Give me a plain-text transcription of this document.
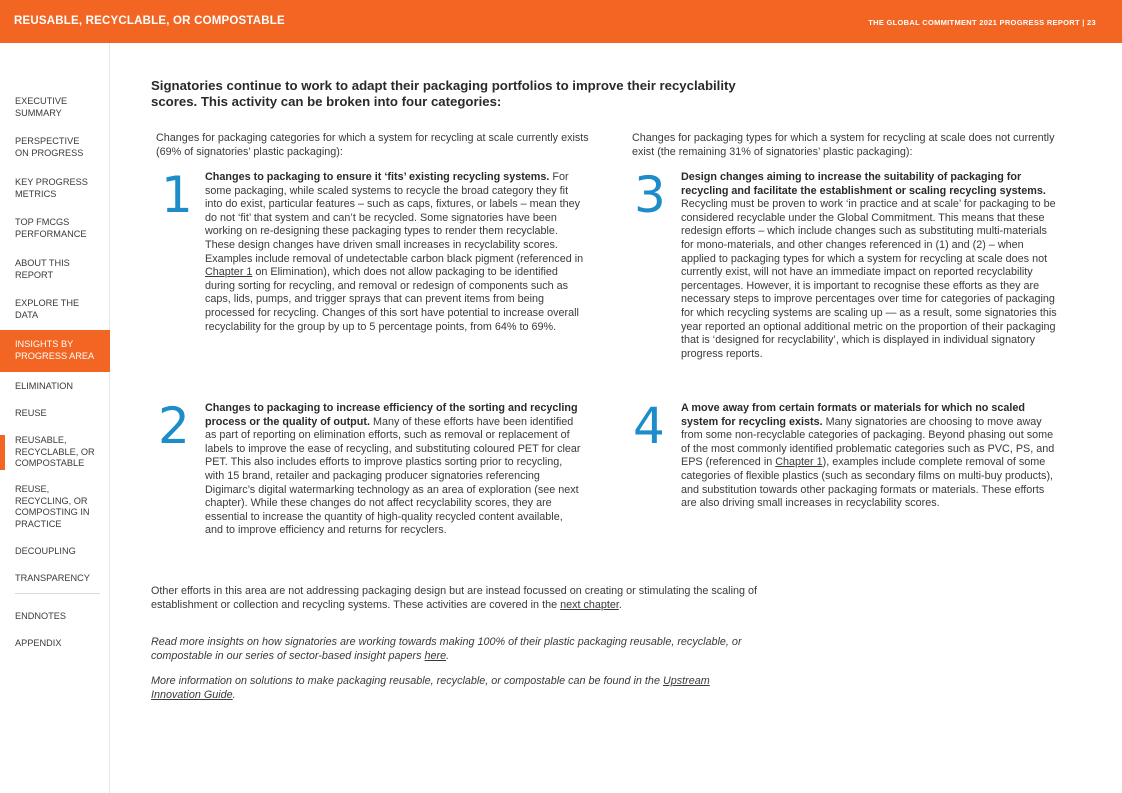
REUSABLE, RECYCLABLE, OR COMPOSTABLE	THE GLOBAL COMMITMENT 2021 PROGRESS REPORT | 23
EXECUTIVE SUMMARY
PERSPECTIVE ON PROGRESS
KEY PROGRESS METRICS
TOP FMCGS PERFORMANCE
ABOUT THIS REPORT
EXPLORE THE DATA
INSIGHTS BY PROGRESS AREA
ELIMINATION
REUSE
REUSABLE, RECYCLABLE, OR COMPOSTABLE
REUSE, RECYCLING, OR COMPOSTING IN PRACTICE
DECOUPLING
TRANSPARENCY
ENDNOTES
APPENDIX
Signatories continue to work to adapt their packaging portfolios to improve their recyclability scores. This activity can be broken into four categories:
Changes for packaging categories for which a system for recycling at scale currently exists (69% of signatories’ plastic packaging):
Changes for packaging types for which a system for recycling at scale does not currently exist (the remaining 31% of signatories’ plastic packaging):
1 Changes to packaging to ensure it ‘fits’ existing recycling systems. For some packaging, while scaled systems to recycle the broad category they fit into do exist, particular features – such as caps, fixtures, or labels – mean they do not ‘fit’ that system and can’t be recycled. Some signatories have been working on re-designing these packaging types to render them recyclable. These design changes have driven small increases in recyclability scores. Examples include removal of undetectable carbon black pigment (referenced in Chapter 1 on Elimination), which does not allow packaging to be identified during sorting for recycling, and removal or redesign of components such as caps, lids, pumps, and trigger sprays that can prevent items from being processed for recycling. Changes of this sort have potential to increase overall recyclability for the group by up to 5 percentage points, from 64% to 69%.
2 Changes to packaging to increase efficiency of the sorting and recycling process or the quality of output. Many of these efforts have been identified as part of reporting on elimination efforts, such as removal or replacement of labels to improve the ease of recycling, and substituting coloured PET for clear PET. This also includes efforts to improve plastics sorting prior to recycling, with 15 brand, retailer and packaging producer signatories referencing Digimarc’s digital watermarking technology as an area of exploration (see next chapter). While these changes do not affect recyclability scores, they are essential to increase the quantity of high-quality recycled content available, and to improve efficiency and returns for recyclers.
3 Design changes aiming to increase the suitability of packaging for recycling and facilitate the establishment or scaling recycling systems. Recycling must be proven to work ‘in practice and at scale’ for packaging to be considered recyclable under the Global Commitment. This means that these redesign efforts – which include changes such as substituting multi-materials for mono-materials, and other changes referenced in (1) and (2) – when applied to packaging types for which a system for recycling at scale does not currently exist, will not have an immediate impact on reported recyclability percentages. However, it is important to recognise these efforts as they are necessary steps to improve percentages over time for categories of packaging for which recycling systems are scaling up — as a result, some signatories this year reported an optional additional metric on the proportion of their packaging that is ‘designed for recyclability’, which is displayed in individual signatory progress reports.
4 A move away from certain formats or materials for which no scaled system for recycling exists. Many signatories are choosing to move away from some non-recyclable categories of packaging. Beyond phasing out some of the most commonly identified problematic categories such as PVC, PS, and EPS (referenced in Chapter 1), examples include complete removal of some categories of flexible plastics (such as secondary films on multi-buy products), and substitution towards other packaging formats or materials. These efforts are also driving small increases in recyclability scores.
Other efforts in this area are not addressing packaging design but are instead focussed on creating or stimulating the scaling of establishment or collection and recycling systems. These activities are covered in the next chapter.
Read more insights on how signatories are working towards making 100% of their plastic packaging reusable, recyclable, or compostable in our series of sector-based insight papers here.
More information on solutions to make packaging reusable, recyclable, or compostable can be found in the Upstream Innovation Guide.
